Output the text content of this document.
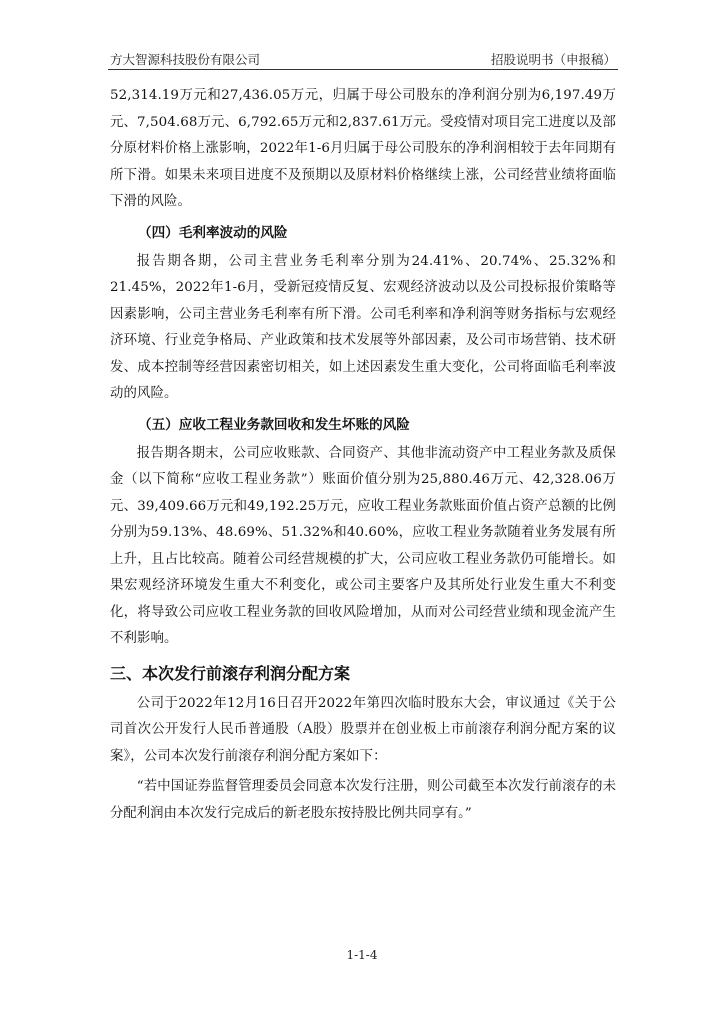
方大智源科技股份有限公司	招股说明书（申报稿）

52,314.19万元和27,436.05万元，归属于母公司股东的净利润分别为6,197.49万元、7,504.68万元、6,792.65万元和2,837.61万元。受疫情对项目完工进度以及部分原材料价格上涨影响，2022年1-6月归属于母公司股东的净利润相较于去年同期有所下滑。如果未来项目进度不及预期以及原材料价格继续上涨，公司经营业绩将面临下滑的风险。

（四）毛利率波动的风险

报告期各期，公司主营业务毛利率分别为24.41%、20.74%、25.32%和21.45%，2022年1-6月，受新冠疫情反复、宏观经济波动以及公司投标报价策略等因素影响，公司主营业务毛利率有所下滑。公司毛利率和净利润等财务指标与宏观经济环境、行业竞争格局、产业政策和技术发展等外部因素，及公司市场营销、技术研发、成本控制等经营因素密切相关，如上述因素发生重大变化，公司将面临毛利率波动的风险。

（五）应收工程业务款回收和发生坏账的风险

报告期各期末，公司应收账款、合同资产、其他非流动资产中工程业务款及质保金（以下简称“应收工程业务款”）账面价值分别为25,880.46万元、42,328.06万元、39,409.66万元和49,192.25万元，应收工程业务款账面价值占资产总额的比例分别为59.13%、48.69%、51.32%和40.60%，应收工程业务款随着业务发展有所上升，且占比较高。随着公司经营规模的扩大，公司应收工程业务款仍可能增长。如果宏观经济环境发生重大不利变化，或公司主要客户及其所处行业发生重大不利变化，将导致公司应收工程业务款的回收风险增加，从而对公司经营业绩和现金流产生不利影响。

三、本次发行前滚存利润分配方案

公司于2022年12月16日召开2022年第四次临时股东大会，审议通过《关于公司首次公开发行人民币普通股（A股）股票并在创业板上市前滚存利润分配方案的议案》，公司本次发行前滚存利润分配方案如下：

“若中国证券监督管理委员会同意本次发行注册，则公司截至本次发行前滚存的未分配利润由本次发行完成后的新老股东按持股比例共同享有。”

1-1-4
